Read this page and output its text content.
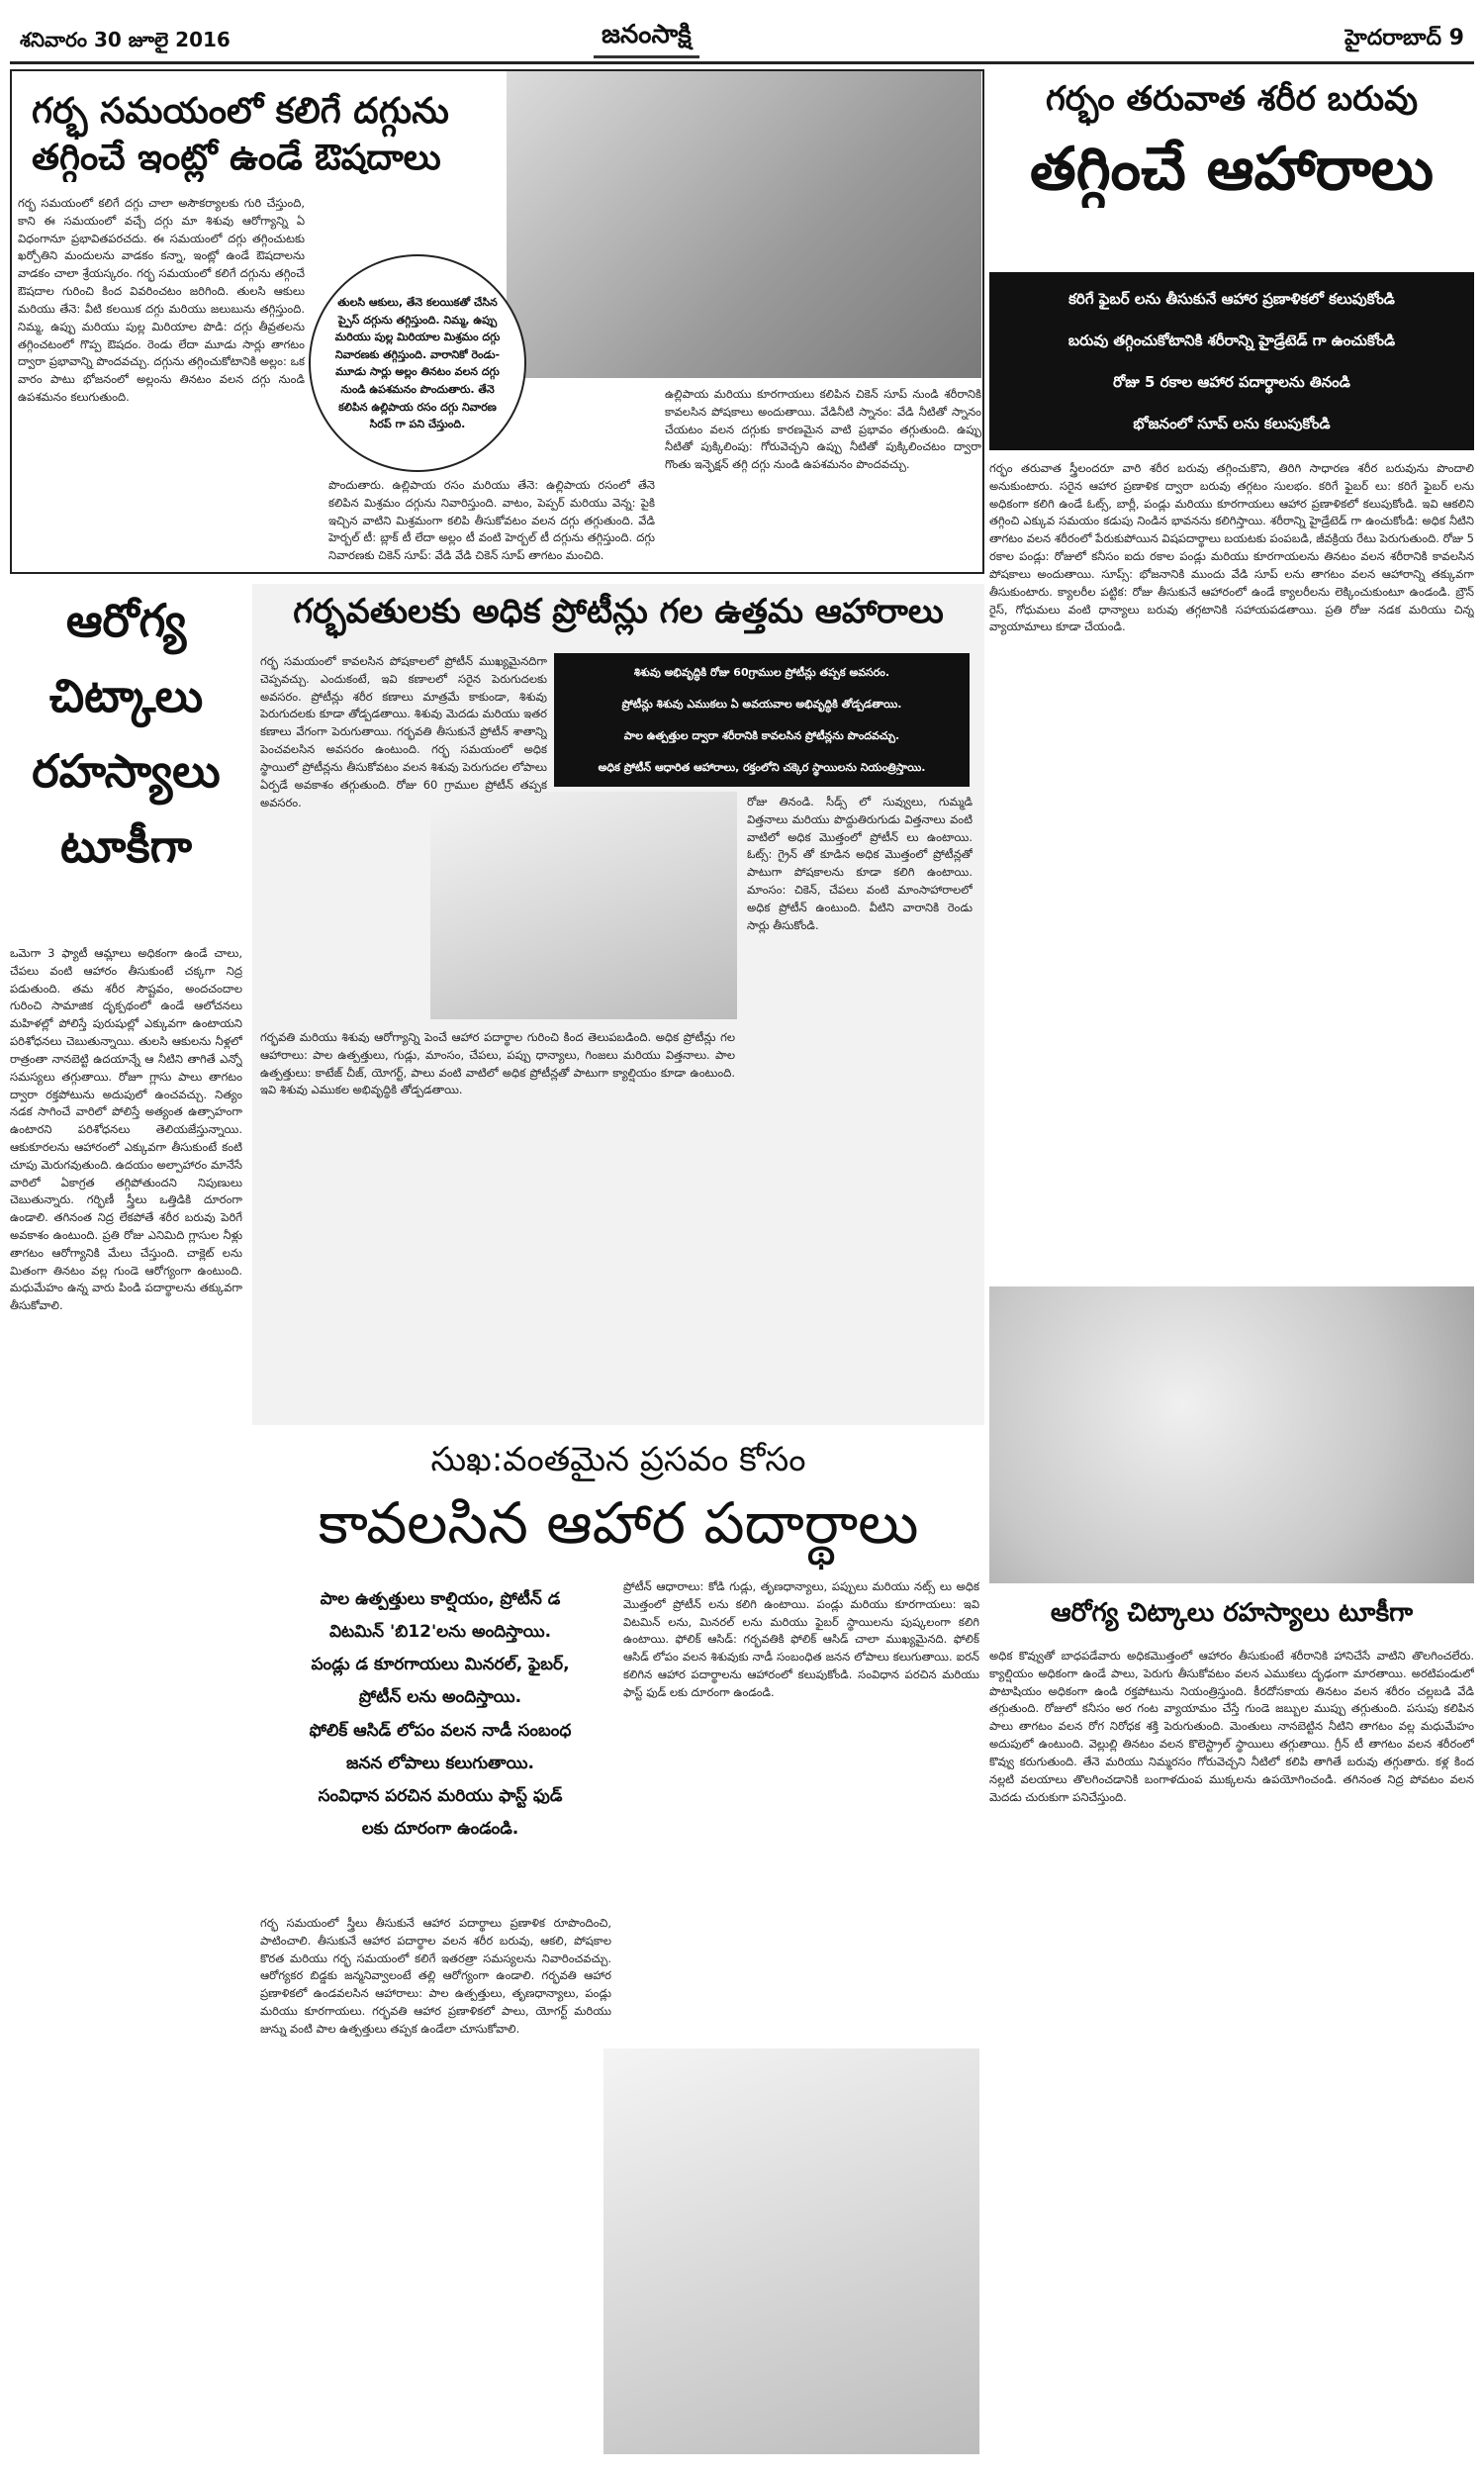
శనివారం 30 జూలై 2016	జనంసాక్షి	హైదరాబాద్ 9
గర్భ సమయంలో కలిగే దగ్గును
తగ్గించే ఇంట్లో ఉండే ఔషదాలు
తులసి ఆకులు, తేనె కలయికతో చేసిన ప్పైస్ దగ్గును తగ్గిస్తుంది. నిమ్మ, ఉప్పు మరియు పుల్ల మిరియాల మిశ్రమం దగ్గు నివారణకు తగ్గిస్తుంది. వారానికో రెండు-మూడు సార్లు అల్లం తినటం వలన దగ్గు నుండి ఉపశమనం పొందుతారు. తేనె కలిపిన ఉల్లిపాయ రసం దగ్గు నివారణ సిరప్ గా పని చేస్తుంది.
గర్భ సమయంలో కలిగే దగ్గు చాలా అసౌకర్యాలకు గురి చేస్తుంది, కాని ఈ సమయంలో వచ్చే దగ్గు మా శిశువు ఆరోగ్యాన్ని ఏ విధంగానూ ప్రభావితపరచదు. ఈ సమయంలో దగ్గు తగ్గించుటకు ఖర్చోతిని మందులను వాడకం కన్నా, ఇంట్లో ఉండే ఔషదాలను వాడకం చాలా శ్రేయస్కరం. గర్భ సమయంలో కలిగే దగ్గును తగ్గించే ఔషదాల గురించి కింద వివరించటం జరిగింది. తులసి ఆకులు మరియు తేనె: వీటి కలయిక దగ్గు మరియు జలుబును తగ్గిస్తుంది. నిమ్మ, ఉప్పు మరియు పుల్ల మిరియాల పొడి: దగ్గు తీవ్రతలను తగ్గించటంలో గొప్ప ఔషదం. రెండు లేదా మూడు సార్లు తాగటం ద్వారా ప్రభావాన్ని పొందవచ్చు. దగ్గును తగ్గించుకోటానికి అల్లం: ఒక వారం పాటు భోజనంలో అల్లంను తినటం వలన దగ్గు నుండి ఉపశమనం కలుగుతుంది.
పొందుతారు. ఉల్లిపాయ రసం మరియు తేనె: ఉల్లిపాయ రసంలో తేనె కలిపిన మిశ్రమం దగ్గును నివారిస్తుంది. వాటం, పెప్పర్ మరియు వెన్న: పైకి ఇచ్చిన వాటిని మిశ్రమంగా కలిపి తీసుకోవటం వలన దగ్గు తగ్గుతుంది. వేడి హెర్బల్ టీ: బ్లాక్ టీ లేదా అల్లం టీ వంటి హెర్బల్ టీ దగ్గును తగ్గిస్తుంది. దగ్గు నివారణకు చికెన్ సూప్: వేడి వేడి చికెన్ సూప్ తాగటం మంచిది.
ఉల్లిపాయ మరియు కూరగాయలు కలిపిన చికెన్ సూప్ నుండి శరీరానికి కావలసిన పోషకాలు అందుతాయి. వేడినీటి స్నానం: వేడి నీటితో స్నానం చేయటం వలన దగ్గుకు కారణమైన వాటి ప్రభావం తగ్గుతుంది. ఉప్పు నీటితో పుక్కిలింపు: గోరువెచ్చని ఉప్పు నీటితో పుక్కిలించటం ద్వారా గొంతు ఇన్ఫెక్షన్ తగ్గి దగ్గు నుండి ఉపశమనం పొందవచ్చు.
గర్భం తరువాత శరీర బరువు
తగ్గించే ఆహారాలు
కరిగే ఫైబర్ లను తీసుకునే ఆహార ప్రణాళికలో కలుపుకోండి
బరువు తగ్గించుకోటానికి శరీరాన్ని హైడ్రేటెడ్ గా ఉంచుకోండి
రోజు 5 రకాల ఆహార పదార్థాలను తినండి
భోజనంలో సూప్ లను కలుపుకోండి
గర్భం తరువాత స్త్రీలందరూ వారి శరీర బరువు తగ్గించుకొని, తిరిగి సాధారణ శరీర బరువును పొందాలి అనుకుంటారు. సరైన ఆహార ప్రణాళిక ద్వారా బరువు తగ్గటం సులభం. కరిగే ఫైబర్ లు: కరిగే ఫైబర్ లను అధికంగా కలిగి ఉండే ఓట్స్, బార్లీ, పండ్లు మరియు కూరగాయలు ఆహార ప్రణాళికలో కలుపుకోండి. ఇవి ఆకలిని తగ్గించి ఎక్కువ సమయం కడుపు నిండిన భావనను కలిగిస్తాయి. శరీరాన్ని హైడ్రేటెడ్ గా ఉంచుకోండి: అధిక నీటిని తాగటం వలన శరీరంలో పేరుకుపోయిన విషపదార్థాలు బయటకు పంపబడి, జీవక్రియ రేటు పెరుగుతుంది. రోజు 5 రకాల పండ్లు: రోజులో కనీసం ఐదు రకాల పండ్లు మరియు కూరగాయలను తినటం వలన శరీరానికి కావలసిన పోషకాలు అందుతాయి. సూప్స్: భోజనానికి ముందు వేడి సూప్ లను తాగటం వలన ఆహారాన్ని తక్కువగా తీసుకుంటారు. క్యాలరీల పట్టిక: రోజు తీసుకునే ఆహారంలో ఉండే క్యాలరీలను లెక్కించుకుంటూ ఉండండి. బ్రౌన్ రైస్, గోధుమలు వంటి ధాన్యాలు బరువు తగ్గటానికి సహాయపడతాయి. ప్రతి రోజు నడక మరియు చిన్న వ్యాయామాలు కూడా చేయండి.
ఆరోగ్య
చిట్కాలు
రహస్యాలు
టూకీగా
ఒమెగా 3 ఫ్యాటీ ఆమ్లాలు అధికంగా ఉండే చాలు, చేపలు వంటి ఆహారం తీసుకుంటే చక్కగా నిద్ర పడుతుంది. తమ శరీర సౌష్టవం, అందచందాల గురించి సామాజిక దృక్పథంలో ఉండే ఆలోచనలు మహిళల్లో పోలిస్తే పురుషుల్లో ఎక్కువగా ఉంటాయని పరిశోధనలు చెబుతున్నాయి. తులసి ఆకులను నీళ్లలో రాత్రంతా నానబెట్టి ఉదయాన్నే ఆ నీటిని తాగితే ఎన్నో సమస్యలు తగ్గుతాయి. రోజూ గ్లాసు పాలు తాగటం ద్వారా రక్తపోటును అదుపులో ఉంచవచ్చు. నిత్యం నడక సాగించే వారిలో పోలిస్తే అత్యంత ఉత్సాహంగా ఉంటారని పరిశోధనలు తెలియజేస్తున్నాయి. ఆకుకూరలను ఆహారంలో ఎక్కువగా తీసుకుంటే కంటి చూపు మెరుగవుతుంది. ఉదయం అల్పాహారం మానేసే వారిలో ఏకాగ్రత తగ్గిపోతుందని నిపుణులు చెబుతున్నారు. గర్భిణీ స్త్రీలు ఒత్తిడికి దూరంగా ఉండాలి. తగినంత నిద్ర లేకపోతే శరీర బరువు పెరిగే అవకాశం ఉంటుంది. ప్రతి రోజు ఎనిమిది గ్లాసుల నీళ్లు తాగటం ఆరోగ్యానికి మేలు చేస్తుంది. చాక్లెట్ లను మితంగా తినటం వల్ల గుండె ఆరోగ్యంగా ఉంటుంది. మధుమేహం ఉన్న వారు పిండి పదార్థాలను తక్కువగా తీసుకోవాలి.
గర్భవతులకు అధిక ప్రోటీన్లు గల ఉత్తమ ఆహారాలు
శిశువు అభివృద్ధికి రోజు 60గ్రాముల ప్రోటీన్లు తప్పక అవసరం.
ప్రోటీన్లు శిశువు ఎముకలు ఏ అవయవాల అభివృద్ధికి తోడ్పడతాయి.
పాల ఉత్పత్తుల ద్వారా శరీరానికి కావలసిన ప్రోటీన్లను పొందవచ్చు.
అధిక ప్రోటీన్ ఆధారిత ఆహారాలు, రక్తంలోని చక్కెర స్థాయిలను నియంత్రిస్తాయి.
గర్భ సమయంలో కావలసిన పోషకాలలో ప్రోటీన్ ముఖ్యమైనదిగా చెప్పవచ్చు. ఎందుకంటే, ఇవి కణాలలో సరైన పెరుగుదలకు అవసరం. ప్రోటీన్లు శరీర కణాలు మాత్రమే కాకుండా, శిశువు పెరుగుదలకు కూడా తోడ్పడతాయి. శిశువు మెదడు మరియు ఇతర కణాలు వేగంగా పెరుగుతాయి. గర్భవతి తీసుకునే ప్రోటీన్ శాతాన్ని పెంచవలసిన అవసరం ఉంటుంది. గర్భ సమయంలో అధిక స్థాయిలో ప్రోటీన్లను తీసుకోవటం వలన శిశువు పెరుగుదల లోపాలు ఏర్పడే అవకాశం తగ్గుతుంది. రోజు 60 గ్రాముల ప్రోటీన్ తప్పక అవసరం.
గర్భవతి మరియు శిశువు ఆరోగ్యాన్ని పెంచే ఆహార పదార్థాల గురించి కింద తెలుపబడింది. అధిక ప్రోటీన్లు గల ఆహారాలు: పాల ఉత్పత్తులు, గుడ్లు, మాంసం, చేపలు, పప్పు ధాన్యాలు, గింజలు మరియు విత్తనాలు. పాల ఉత్పత్తులు: కాటేజ్ చీజ్, యోగర్ట్, పాలు వంటి వాటిలో అధిక ప్రోటీన్లతో పాటుగా క్యాల్షియం కూడా ఉంటుంది. ఇవి శిశువు ఎముకల అభివృద్ధికి తోడ్పడతాయి.
రోజు తినండి. సీడ్స్ లో సువ్వులు, గుమ్మడి విత్తనాలు మరియు పొద్దుతిరుగుడు విత్తనాలు వంటి వాటిలో అధిక మొత్తంలో ప్రోటీన్ లు ఉంటాయి. ఓట్స్: గ్రైన్ తో కూడిన అధిక మొత్తంలో ప్రోటీన్లతో పాటుగా పోషకాలను కూడా కలిగి ఉంటాయి. మాంసం: చికెన్, చేపలు వంటి మాంసాహారాలలో అధిక ప్రోటీన్ ఉంటుంది. వీటిని వారానికి రెండు సార్లు తీసుకోండి.
సుఖ:వంతమైన ప్రసవం కోసం
కావలసిన ఆహార పదార్థాలు
పాల ఉత్పత్తులు కాల్షియం, ప్రోటీన్ డ
విటమిన్ 'బి12'లను అందిస్తాయి.
పండ్లు డ కూరగాయలు మినరల్, ఫైబర్,
ప్రోటీన్ లను అందిస్తాయి.
ఫోలిక్ ఆసిడ్ లోపం వలన నాడీ సంబంధ
జనన లోపాలు కలుగుతాయి.
సంవిధాన పరచిన మరియు ఫాస్ట్ ఫుడ్
లకు దూరంగా ఉండండి.
గర్భ సమయంలో స్త్రీలు తీసుకునే ఆహార పదార్థాలు ప్రణాళిక రూపొందించి, పాటించాలి. తీసుకునే ఆహార పదార్థాల వలన శరీర బరువు, ఆకలి, పోషకాల కొరత మరియు గర్భ సమయంలో కలిగే ఇతరత్రా సమస్యలను నివారించవచ్చు. ఆరోగ్యకర బిడ్డకు జన్మనివ్వాలంటే తల్లి ఆరోగ్యంగా ఉండాలి. గర్భవతి ఆహార ప్రణాళికలో ఉండవలసిన ఆహారాలు: పాల ఉత్పత్తులు, తృణధాన్యాలు, పండ్లు మరియు కూరగాయలు. గర్భవతి ఆహార ప్రణాళికలో పాలు, యోగర్ట్ మరియు జున్ను వంటి పాల ఉత్పత్తులు తప్పక ఉండేలా చూసుకోవాలి.
ప్రోటీన్ ఆధారాలు: కోడి గుడ్లు, తృణధాన్యాలు, పప్పులు మరియు నట్స్ లు అధిక మొత్తంలో ప్రోటీన్ లను కలిగి ఉంటాయి. పండ్లు మరియు కూరగాయలు: ఇవి విటమిన్ లను, మినరల్ లను మరియు ఫైబర్ స్థాయిలను పుష్కలంగా కలిగి ఉంటాయి. ఫోలిక్ ఆసిడ్: గర్భవతికి ఫోలిక్ ఆసిడ్ చాలా ముఖ్యమైనది. ఫోలిక్ ఆసిడ్ లోపం వలన శిశువుకు నాడీ సంబంధిత జనన లోపాలు కలుగుతాయి. ఐరన్ కలిగిన ఆహార పదార్థాలను ఆహారంలో కలుపుకోండి. సంవిధాన పరచిన మరియు ఫాస్ట్ ఫుడ్ లకు దూరంగా ఉండండి.
ఆరోగ్య చిట్కాలు రహస్యాలు టూకీగా
అధిక కొవ్వుతో బాధపడేవారు అధికమొత్తంలో ఆహారం తీసుకుంటే శరీరానికి హానిచేసే వాటిని తొలగించలేరు. క్యాల్షియం అధికంగా ఉండే పాలు, పెరుగు తీసుకోవటం వలన ఎముకలు దృఢంగా మారతాయి. అరటిపండులో పొటాషియం అధికంగా ఉండి రక్తపోటును నియంత్రిస్తుంది. కీరదోసకాయ తినటం వలన శరీరం చల్లబడి వేడి తగ్గుతుంది. రోజులో కనీసం అర గంట వ్యాయామం చేస్తే గుండె జబ్బుల ముప్పు తగ్గుతుంది. పసుపు కలిపిన పాలు తాగటం వలన రోగ నిరోధక శక్తి పెరుగుతుంది. మెంతులు నానబెట్టిన నీటిని తాగటం వల్ల మధుమేహం అదుపులో ఉంటుంది. వెల్లుల్లి తినటం వలన కొలెస్ట్రాల్ స్థాయిలు తగ్గుతాయి. గ్రీన్ టీ తాగటం వలన శరీరంలో కొవ్వు కరుగుతుంది. తేనె మరియు నిమ్మరసం గోరువెచ్చని నీటిలో కలిపి తాగితే బరువు తగ్గుతారు. కళ్ల కింద నల్లటి వలయాలు తొలగించడానికి బంగాళదుంప ముక్కలను ఉపయోగించండి. తగినంత నిద్ర పోవటం వలన మెదడు చురుకుగా పనిచేస్తుంది.
